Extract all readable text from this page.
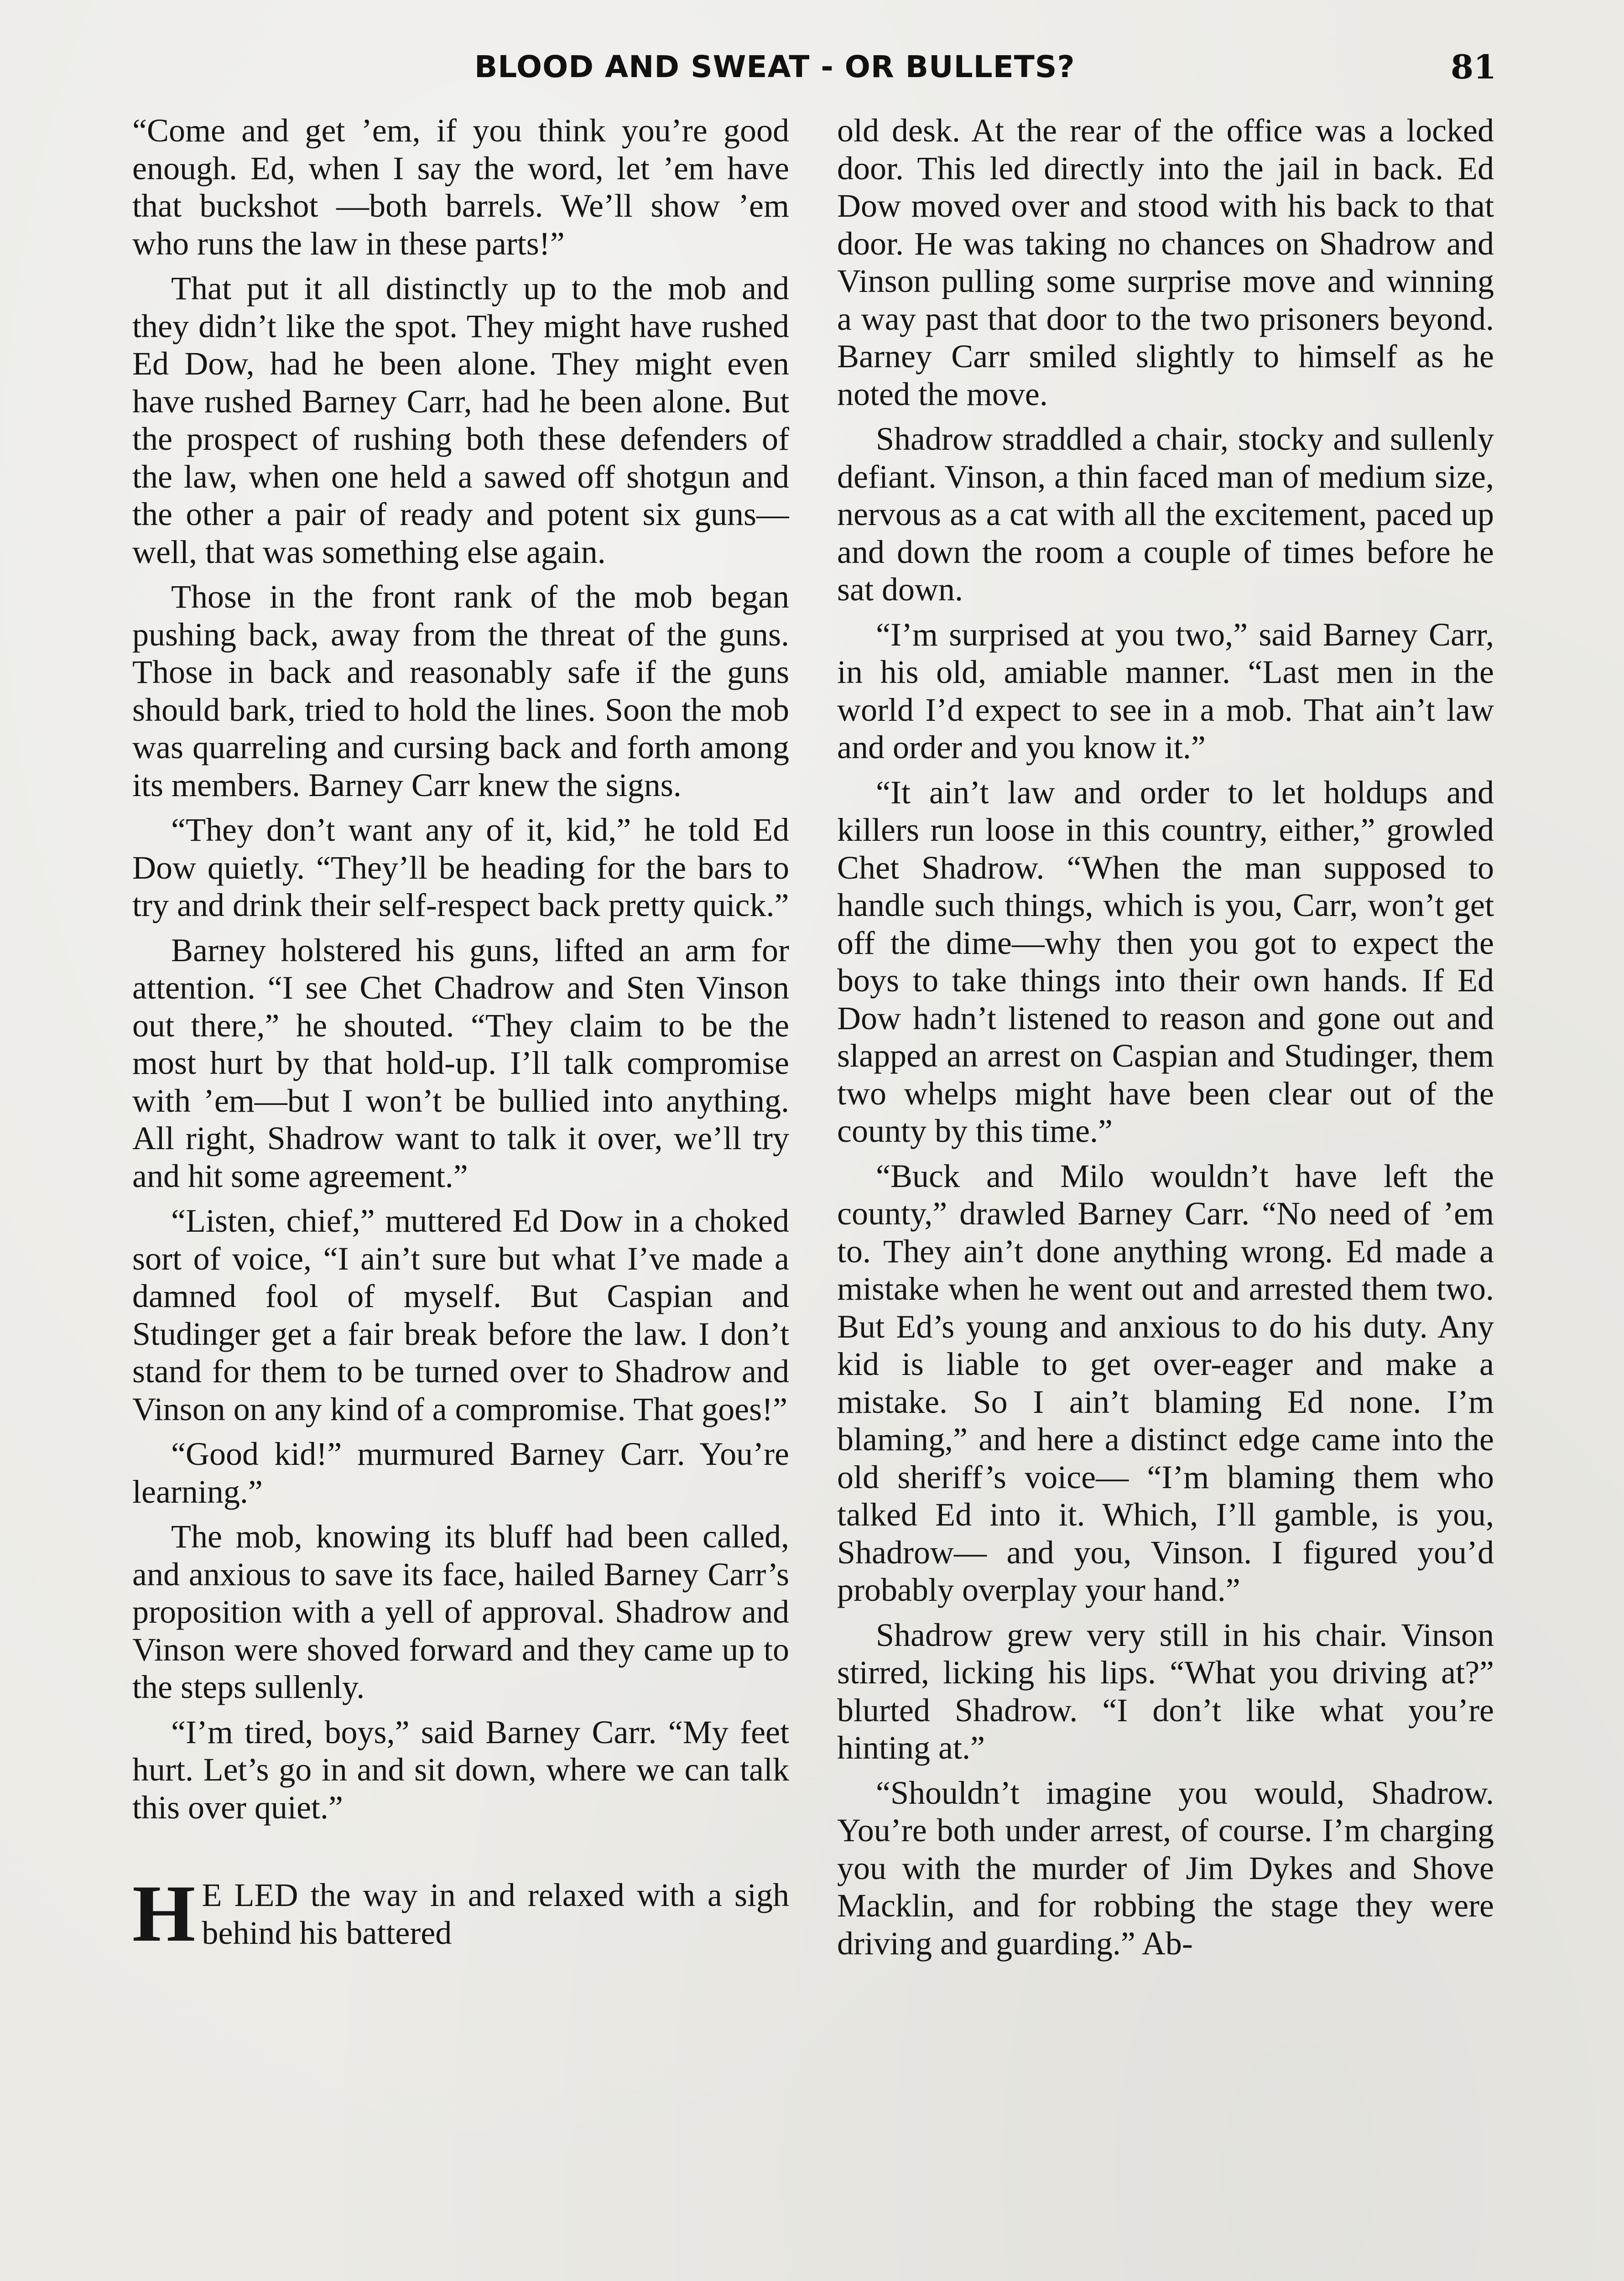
BLOOD AND SWEAT - OR BULLETS?	81

“Come and get ’em, if you think you’re good enough. Ed, when I say the word, let ’em have that buckshot —both barrels. We’ll show ’em who runs the law in these parts!”

That put it all distinctly up to the mob and they didn’t like the spot. They might have rushed Ed Dow, had he been alone. They might even have rushed Barney Carr, had he been alone. But the prospect of rushing both these defenders of the law, when one held a sawed off shotgun and the other a pair of ready and potent six guns—well, that was something else again.

Those in the front rank of the mob began pushing back, away from the threat of the guns. Those in back and reasonably safe if the guns should bark, tried to hold the lines. Soon the mob was quarreling and cursing back and forth among its members. Barney Carr knew the signs.

“They don’t want any of it, kid,” he told Ed Dow quietly. “They’ll be heading for the bars to try and drink their self-respect back pretty quick.”

Barney holstered his guns, lifted an arm for attention. “I see Chet Chadrow and Sten Vinson out there,” he shouted. “They claim to be the most hurt by that hold-up. I’ll talk compromise with ’em—but I won’t be bullied into anything. All right, Shadrow want to talk it over, we’ll try and hit some agreement.”

“Listen, chief,” muttered Ed Dow in a choked sort of voice, “I ain’t sure but what I’ve made a damned fool of myself. But Caspian and Studinger get a fair break before the law. I don’t stand for them to be turned over to Shadrow and Vinson on any kind of a compromise. That goes!”

“Good kid!” murmured Barney Carr. You’re learning.”

The mob, knowing its bluff had been called, and anxious to save its face, hailed Barney Carr’s proposition with a yell of approval. Shadrow and Vinson were shoved forward and they came up to the steps sullenly.

“I’m tired, boys,” said Barney Carr. “My feet hurt. Let’s go in and sit down, where we can talk this over quiet.”

H E LED the way in and relaxed with a sigh behind his battered

old desk. At the rear of the office was a locked door. This led directly into the jail in back. Ed Dow moved over and stood with his back to that door. He was taking no chances on Shadrow and Vinson pulling some surprise move and winning a way past that door to the two prisoners beyond. Barney Carr smiled slightly to himself as he noted the move.

Shadrow straddled a chair, stocky and sullenly defiant. Vinson, a thin faced man of medium size, nervous as a cat with all the excitement, paced up and down the room a couple of times before he sat down.

“I’m surprised at you two,” said Barney Carr, in his old, amiable manner. “Last men in the world I’d expect to see in a mob. That ain’t law and order and you know it.”

“It ain’t law and order to let holdups and killers run loose in this country, either,” growled Chet Shadrow. “When the man supposed to handle such things, which is you, Carr, won’t get off the dime—why then you got to expect the boys to take things into their own hands. If Ed Dow hadn’t listened to reason and gone out and slapped an arrest on Caspian and Studinger, them two whelps might have been clear out of the county by this time.”

“Buck and Milo wouldn’t have left the county,” drawled Barney Carr. “No need of ’em to. They ain’t done anything wrong. Ed made a mistake when he went out and arrested them two. But Ed’s young and anxious to do his duty. Any kid is liable to get over-eager and make a mistake. So I ain’t blaming Ed none. I’m blaming,” and here a distinct edge came into the old sheriff’s voice— “I’m blaming them who talked Ed into it. Which, I’ll gamble, is you, Shadrow— and you, Vinson. I figured you’d probably overplay your hand.”

Shadrow grew very still in his chair. Vinson stirred, licking his lips. “What you driving at?” blurted Shadrow. “I don’t like what you’re hinting at.”

“Shouldn’t imagine you would, Shadrow. You’re both under arrest, of course. I’m charging you with the murder of Jim Dykes and Shove Macklin, and for robbing the stage they were driving and guarding.” Ab-
